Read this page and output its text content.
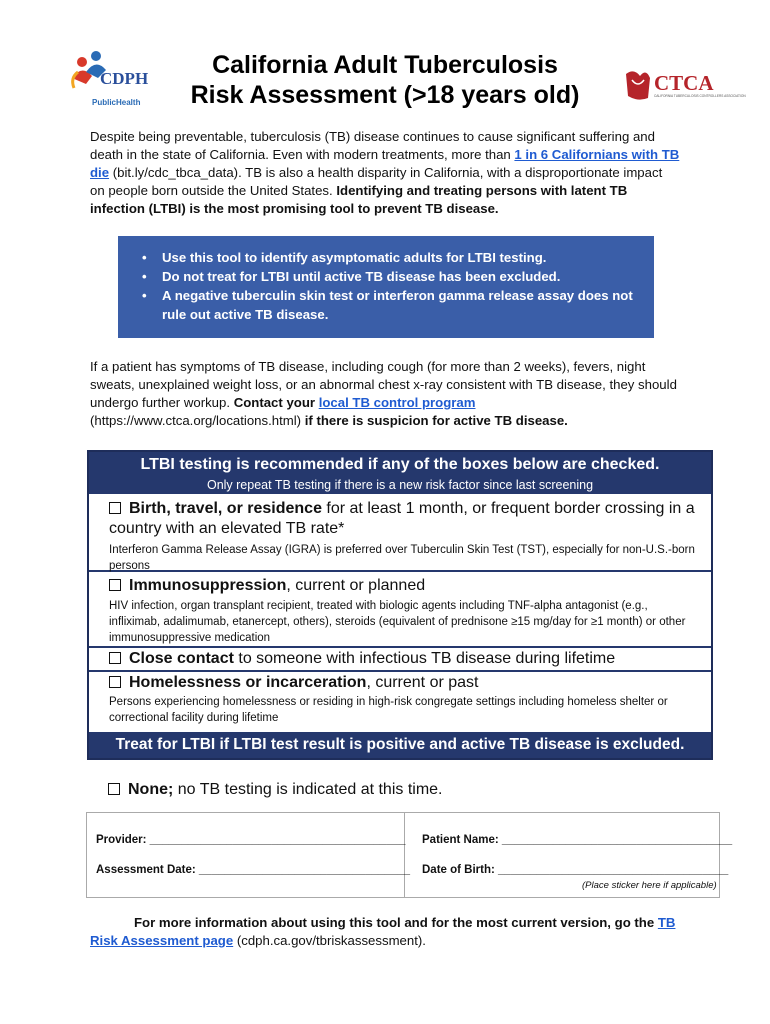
CDPH
PublicHealth
California Adult Tuberculosis
Risk Assessment (>18 years old)	CTCA
CALIFORNIA TUBERCULOSIS CONTROLLERS ASSOCIATION
Despite being preventable, tuberculosis (TB) disease continues to cause significant suffering and death in the state of California. Even with modern treatments, more than 1 in 6 Californians with TB die (bit.ly/cdc_tbca_data). TB is also a health disparity in California, with a disproportionate impact on people born outside the United States. Identifying and treating persons with latent TB infection (LTBI) is the most promising tool to prevent TB disease.
• Use this tool to identify asymptomatic adults for LTBI testing.
• Do not treat for LTBI until active TB disease has been excluded.
• A negative tuberculin skin test or interferon gamma release assay does not rule out active TB disease.
If a patient has symptoms of TB disease, including cough (for more than 2 weeks), fevers, night sweats, unexplained weight loss, or an abnormal chest x-ray consistent with TB disease, they should undergo further workup. Contact your local TB control program (https://www.ctca.org/locations.html) if there is suspicion for active TB disease.
LTBI testing is recommended if any of the boxes below are checked.
Only repeat TB testing if there is a new risk factor since last screening
Birth, travel, or residence for at least 1 month, or frequent border crossing in a country with an elevated TB rate*
Interferon Gamma Release Assay (IGRA) is preferred over Tuberculin Skin Test (TST), especially for non-U.S.-born persons
Immunosuppression, current or planned
HIV infection, organ transplant recipient, treated with biologic agents including TNF-alpha antagonist (e.g., infliximab, adalimumab, etanercept, others), steroids (equivalent of prednisone ≥15 mg/day for ≥1 month) or other immunosuppressive medication
Close contact to someone with infectious TB disease during lifetime
Homelessness or incarceration, current or past
Persons experiencing homelessness or residing in high-risk congregate settings including homeless shelter or correctional facility during lifetime
Treat for LTBI if LTBI test result is positive and active TB disease is excluded.
None; no TB testing is indicated at this time.
Provider: ________________________________________
Assessment Date: _________________________________
Patient Name: ____________________________________
Date of Birth: ____________________________________
(Place sticker here if applicable)
For more information about using this tool and for the most current version, go the TB Risk Assessment page (cdph.ca.gov/tbriskassessment).
